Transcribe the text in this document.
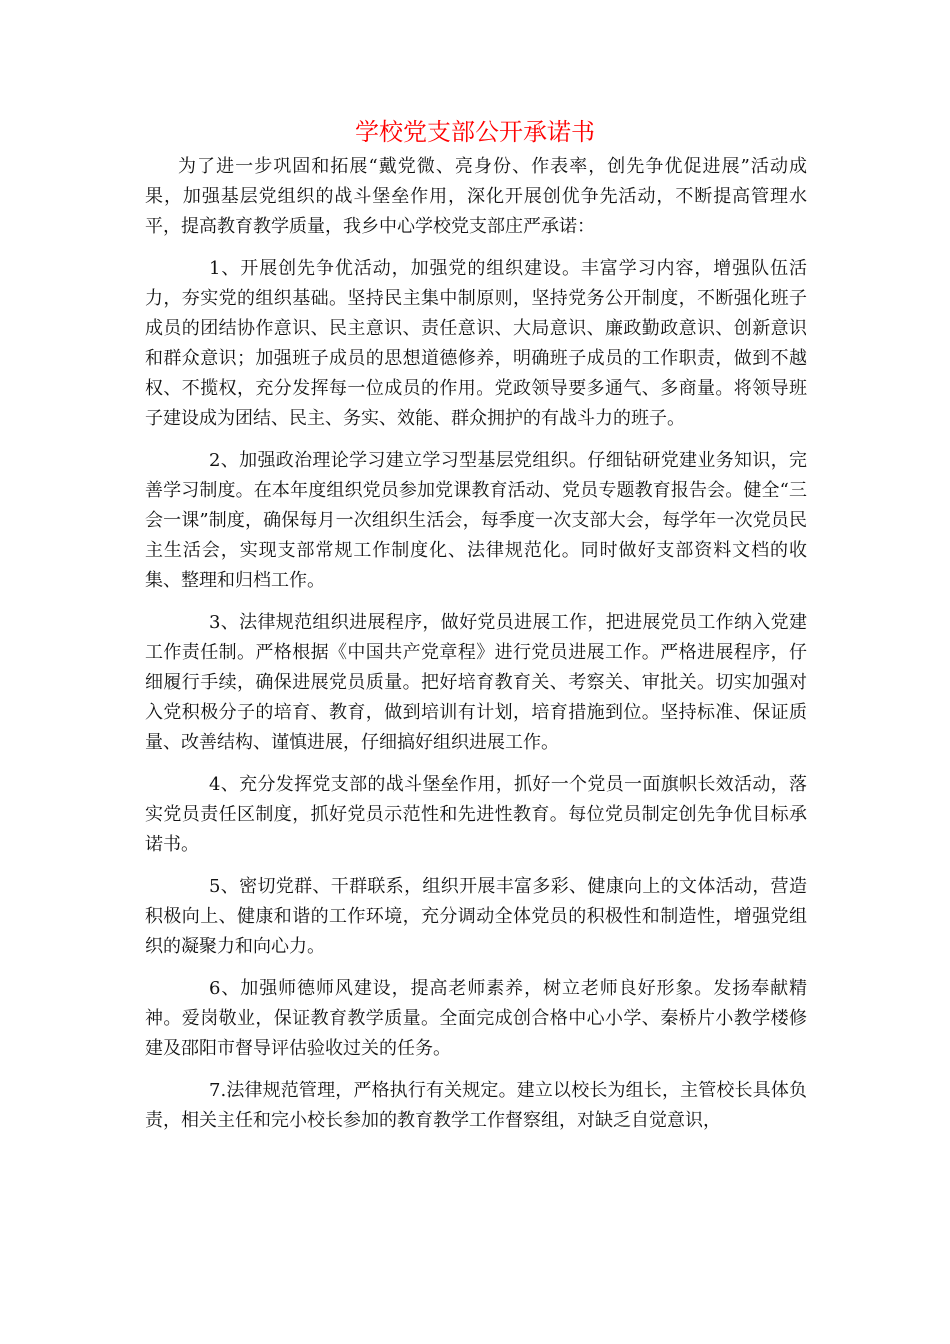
学校党支部公开承诺书

为了进一步巩固和拓展“戴党微、亮身份、作表率，创先争优促进展”活动成果，加强基层党组织的战斗堡垒作用，深化开展创优争先活动，不断提高管理水平，提高教育教学质量，我乡中心学校党支部庄严承诺：

1、开展创先争优活动，加强党的组织建设。丰富学习内容，增强队伍活力，夯实党的组织基础。坚持民主集中制原则，坚持党务公开制度，不断强化班子成员的团结协作意识、民主意识、责任意识、大局意识、廉政勤政意识、创新意识和群众意识；加强班子成员的思想道德修养，明确班子成员的工作职责，做到不越权、不揽权，充分发挥每一位成员的作用。党政领导要多通气、多商量。将领导班子建设成为团结、民主、务实、效能、群众拥护的有战斗力的班子。

2、加强政治理论学习建立学习型基层党组织。仔细钻研党建业务知识，完善学习制度。在本年度组织党员参加党课教育活动、党员专题教育报告会。健全“三会一课”制度，确保每月一次组织生活会，每季度一次支部大会，每学年一次党员民主生活会，实现支部常规工作制度化、法律规范化。同时做好支部资料文档的收集、整理和归档工作。

3、法律规范组织进展程序，做好党员进展工作，把进展党员工作纳入党建工作责任制。严格根据《中国共产党章程》进行党员进展工作。严格进展程序，仔细履行手续，确保进展党员质量。把好培育教育关、考察关、审批关。切实加强对入党积极分子的培育、教育，做到培训有计划，培育措施到位。坚持标准、保证质量、改善结构、谨慎进展，仔细搞好组织进展工作。

4、充分发挥党支部的战斗堡垒作用，抓好一个党员一面旗帜长效活动，落实党员责任区制度，抓好党员示范性和先进性教育。每位党员制定创先争优目标承诺书。

5、密切党群、干群联系，组织开展丰富多彩、健康向上的文体活动，营造积极向上、健康和谐的工作环境，充分调动全体党员的积极性和制造性，增强党组织的凝聚力和向心力。

6、加强师德师风建设，提高老师素养，树立老师良好形象。发扬奉献精神。爱岗敬业，保证教育教学质量。全面完成创合格中心小学、秦桥片小教学楼修建及邵阳市督导评估验收过关的任务。

7.法律规范管理，严格执行有关规定。建立以校长为组长，主管校长具体负责，相关主任和完小校长参加的教育教学工作督察组，对缺乏自觉意识，
